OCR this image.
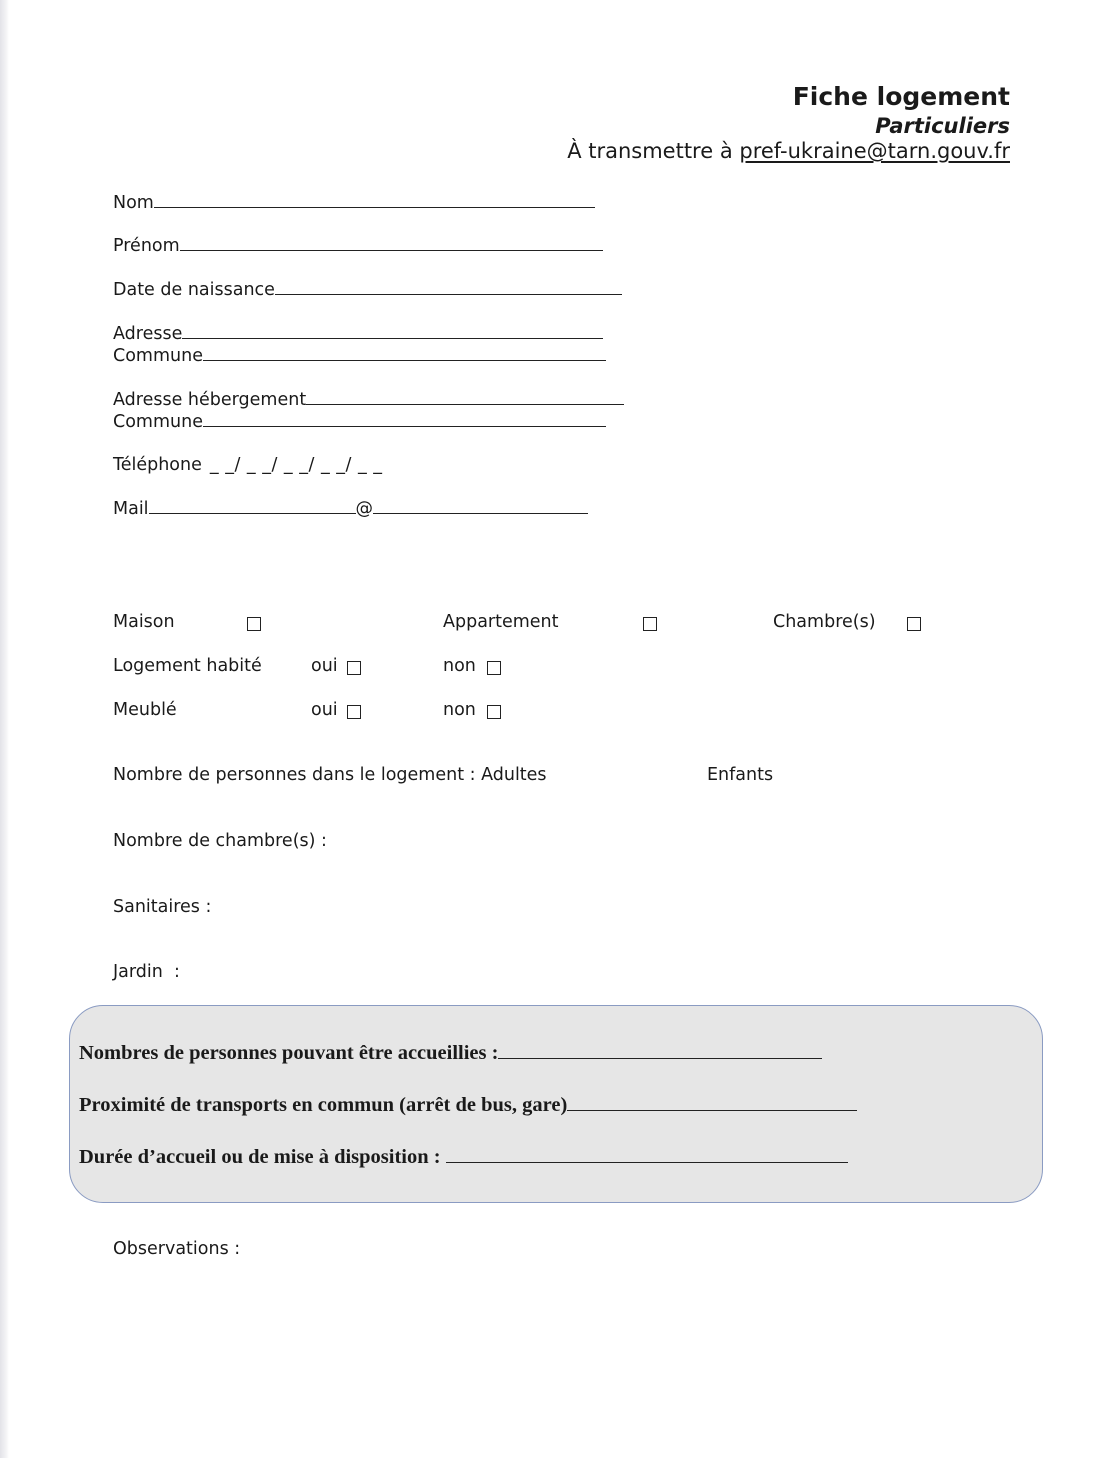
Fiche logement
Particuliers
À transmettre à pref-ukraine@tarn.gouv.fr
Nom
Prénom
Date de naissance
Adresse
Commune
Adresse hébergement
Commune
Téléphone _ _/ _ _/ _ _/ _ _/ _ _
Mail	@
Maison	Appartement	Chambre(s)
Logement habité	oui	non
Meublé	oui	non
Nombre de personnes dans le logement : Adultes	Enfants
Nombre de chambre(s) :
Sanitaires :
Jardin  :
Nombres de personnes pouvant être accueillies :
Proximité de transports en commun (arrêt de bus, gare)
Durée d’accueil ou de mise à disposition :
Observations :
